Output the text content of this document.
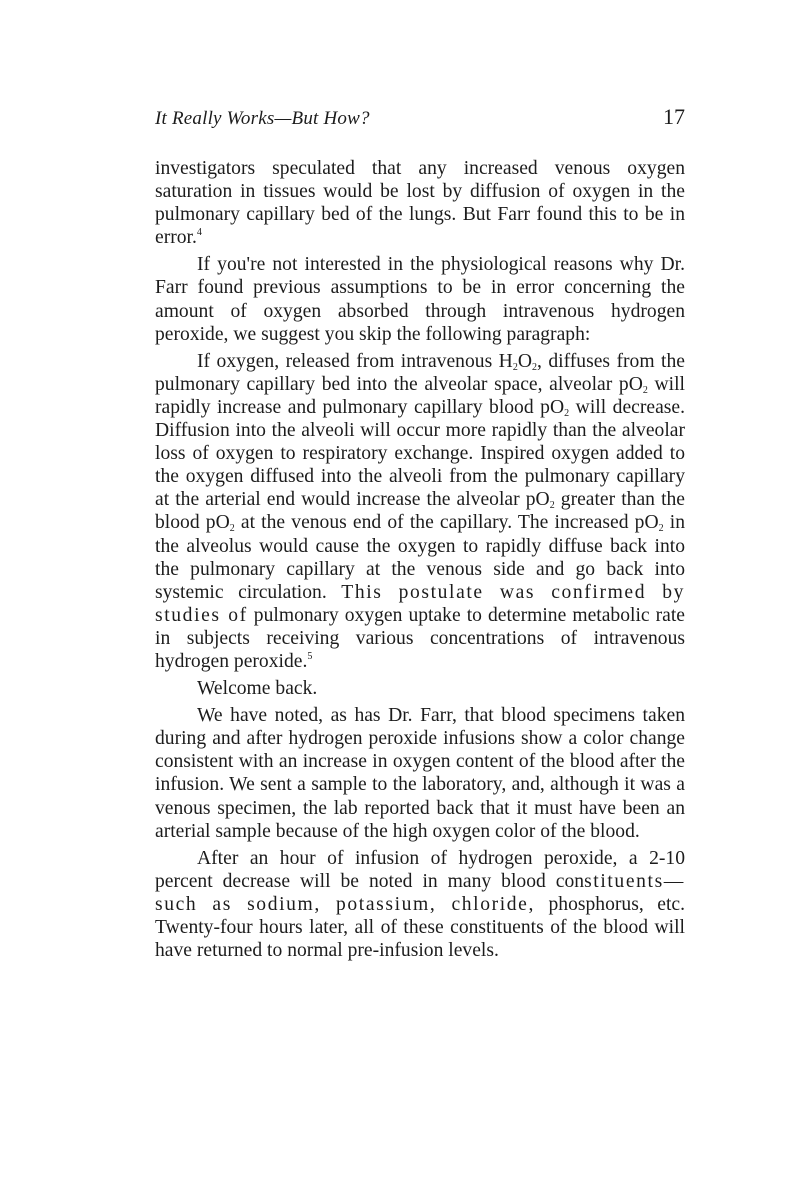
It Really Works—But How?	17

investigators speculated that any increased venous oxygen saturation in tissues would be lost by diffusion of oxygen in the pulmonary capillary bed of the lungs. But Farr found this to be in error.$^4$

If you're not interested in the physiological reasons why Dr. Farr found previous assumptions to be in error concerning the amount of oxygen absorbed through intravenous hydrogen peroxide, we suggest you skip the following paragraph:

If oxygen, released from intravenous $H_2O_2$, diffuses from the pulmonary capillary bed into the alveolar space, alveolar $pO_2$ will rapidly increase and pulmonary capillary blood $pO_2$ will decrease. Diffusion into the alveoli will occur more rapidly than the alveolar loss of oxygen to respiratory exchange. Inspired oxygen added to the oxygen diffused into the alveoli from the pulmonary capillary at the arterial end would increase the alveolar $pO_2$ greater than the blood $pO_2$ at the venous end of the capillary. The increased $pO_2$ in the alveolus would cause the oxygen to rapidly diffuse back into the pulmonary capillary at the venous side and go back into systemic circulation. This postulate was confirmed by studies of pulmonary oxygen uptake to determine metabolic rate in subjects receiving various concentrations of intravenous hydrogen peroxide.$^5$

Welcome back.

We have noted, as has Dr. Farr, that blood specimens taken during and after hydrogen peroxide infusions show a color change consistent with an increase in oxygen content of the blood after the infusion. We sent a sample to the laboratory, and, although it was a venous specimen, the lab reported back that it must have been an arterial sample because of the high oxygen color of the blood.

After an hour of infusion of hydrogen peroxide, a 2-10 percent decrease will be noted in many blood constituents—such as sodium, potassium, chloride, phosphorus, etc. Twenty-four hours later, all of these constituents of the blood will have returned to normal pre-infusion levels.
